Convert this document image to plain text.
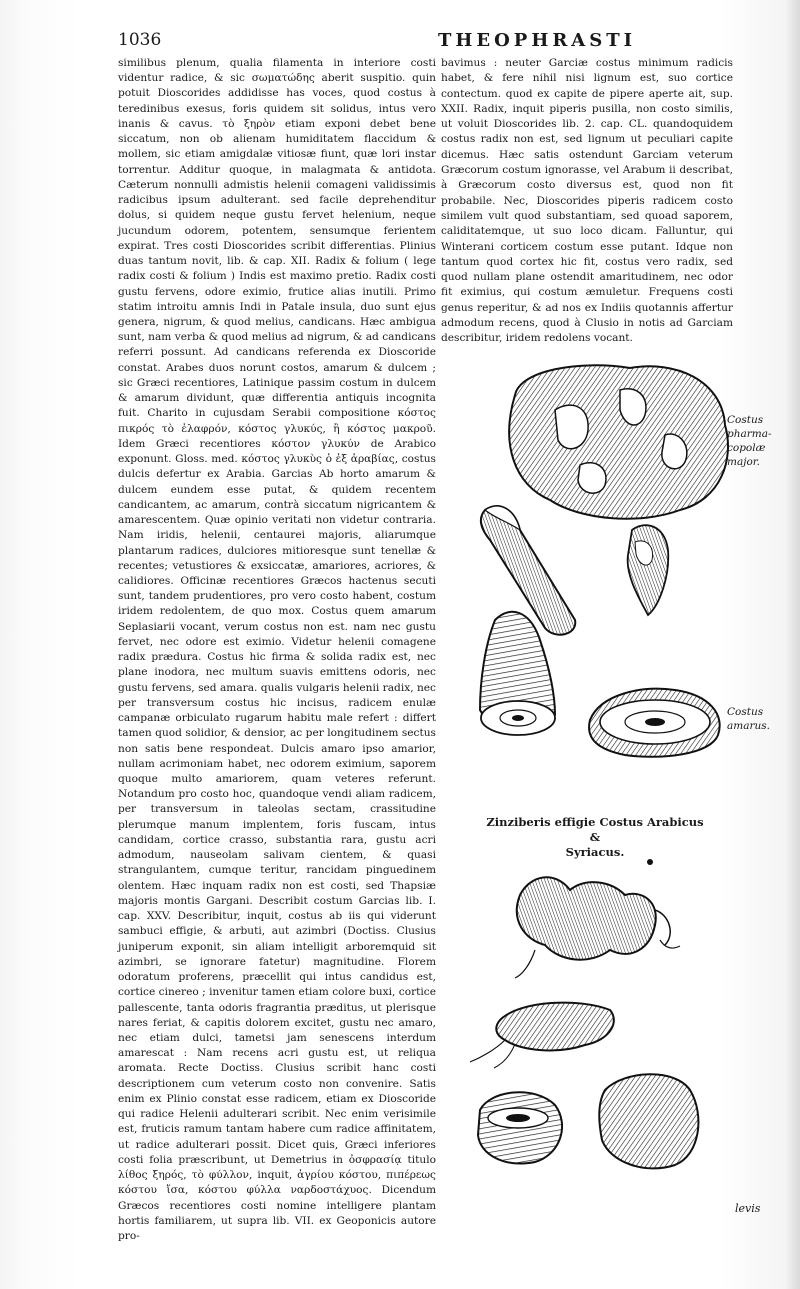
1036	THEOPHRASTI

similibus plenum, qualia filamenta in interiore costi videntur radice, & sic σωματώδης aberit suspitio. quin potuit Dioscorides addidisse has voces, quod costus à teredinibus exesus, foris quidem sit solidus, intus vero inanis & cavus. τὸ ξηρὸν etiam exponi debet bene siccatum, non ob alienam humiditatem flaccidum & mollem, sic etiam amigdalæ vitiosæ fiunt, quæ lori instar torrentur. Additur quoque, in malagmata & antidota. Cæterum nonnulli admistis helenii comageni validissimis radicibus ipsum adulterant. sed facile deprehenditur dolus, si quidem neque gustu fervet helenium, neque jucundum odorem, potentem, sensumque ferientem expirat. Tres costi Dioscorides scribit differentias. Plinius duas tantum novit, lib. & cap. XII. Radix & folium ( lege radix costi & folium ) Indis est maximo pretio. Radix costi gustu fervens, odore eximio, frutice alias inutili. Primo statim introitu amnis Indi in Patale insula, duo sunt ejus genera, nigrum, & quod melius, candicans. Hæc ambigua sunt, nam verba & quod melius ad nigrum, & ad candicans referri possunt. Ad candicans referenda ex Dioscoride constat. Arabes duos norunt costos, amarum & dulcem ; sic Græci recentiores, Latinique passim costum in dulcem & amarum dividunt, quæ differentia antiquis incognita fuit. Charito in cujusdam Serabii compositione κόστος πικρός τὸ ἐλαφρόν, κόστος γλυκύς, ἢ κόστος μακροῦ. Idem Græci recentiores κόστον γλυκύν de Arabico exponunt. Gloss. med. κόστος γλυκὺς ὁ ἐξ ἀραβίας, costus dulcis defertur ex Arabia. Garcias Ab horto amarum & dulcem eundem esse putat, & quidem recentem candicantem, ac amarum, contrà siccatum nigricantem & amarescentem. Quæ opinio veritati non videtur contraria. Nam iridis, helenii, centaurei majoris, aliarumque plantarum radices, dulciores mitioresque sunt tenellæ & recentes; vetustiores & exsiccatæ, amariores, acriores, & calidiores. Officinæ recentiores Græcos hactenus secuti sunt, tandem prudentiores, pro vero costo habent, costum iridem redolentem, de quo mox. Costus quem amarum Seplasiarii vocant, verum costus non est. nam nec gustu fervet, nec odore est eximio. Videtur helenii comagene radix prædura. Costus hic firma & solida radix est, nec plane inodora, nec multum suavis emittens odoris, nec gustu fervens, sed amara. qualis vulgaris helenii radix, nec per transversum costus hic incisus, radicem enulæ campanæ orbiculato rugarum habitu male refert : differt tamen quod solidior, & densior, ac per longitudinem sectus non satis bene respondeat. Dulcis amaro ipso amarior, nullam acrimoniam habet, nec odorem eximium, saporem quoque multo amariorem, quam veteres referunt. Notandum pro costo hoc, quandoque vendi aliam radicem, per transversum in taleolas sectam, crassitudine plerumque manum implentem, foris fuscam, intus candidam, cortice crasso, substantia rara, gustu acri admodum, nauseolam salivam cientem, & quasi strangulantem, cumque teritur, rancidam pinguedinem olentem. Hæc inquam radix non est costi, sed Thapsiæ majoris montis Gargani. Describit costum Garcias lib. I. cap. XXV. Describitur, inquit, costus ab iis qui viderunt sambuci effigie, & arbuti, aut azimbri (Doctiss. Clusius juniperum exponit, sin aliam intelligit arboremquid sit azimbri, se ignorare fatetur) magnitudine. Florem odoratum proferens, præcellit qui intus candidus est, cortice cinereo ; invenitur tamen etiam colore buxi, cortice pallescente, tanta odoris fragrantia præditus, ut plerisque nares feriat, & capitis dolorem excitet, gustu nec amaro, nec etiam dulci, tametsi jam senescens interdum amarescat : Nam recens acri gustu est, ut reliqua aromata. Recte Doctiss. Clusius scribit hanc costi descriptionem cum veterum costo non convenire. Satis enim ex Plinio constat esse radicem, etiam ex Dioscoride qui radice Helenii adulterari scribit. Nec enim verisimile est, fruticis ramum tantam habere cum radice affinitatem, ut radice adulterari possit. Dicet quis, Græci inferiores costi folia præscribunt, ut Demetrius in ὀσφρασίᾳ titulo λίθος ξηρός, τὸ φύλλον, inquit, ἀγρίου κόστου, πιπέρεως κόστου ἴσα, κόστου φύλλα ναρδοστάχυος. Dicendum Græcos recentiores costi nomine intelligere plantam hortis familiarem, ut supra lib. VII. ex Geoponicis autore pro-

bavimus : neuter Garciæ costus minimum radicis habet, & fere nihil nisi lignum est, suo cortice contectum. quod ex capite de pipere aperte ait, sup. XXII. Radix, inquit piperis pusilla, non costo similis, ut voluit Dioscorides lib. 2. cap. CL. quandoquidem costus radix non est, sed lignum ut peculiari capite dicemus. Hæc satis ostendunt Garciam veterum Græcorum costum ignorasse, vel Arabum ii describat, à Græcorum costo diversus est, quod non fit probabile. Nec, Dioscorides piperis radicem costo similem vult quod substantiam, sed quoad saporem, caliditatemque, ut suo loco dicam. Falluntur, qui Winterani corticem costum esse putant. Idque non tantum quod cortex hic fit, costus vero radix, sed quod nullam plane ostendit amaritudinem, nec odor fit eximius, qui costum æmuletur. Frequens costi genus reperitur, & ad nos ex Indiis quotannis affertur admodum recens, quod à Clusio in notis ad Garciam describitur, iridem redolens vocant.

Costus
pharma-
copolæ
major.
Costus
amarus.
Zinziberis effigie Costus Arabicus &
Syriacus.
levis
